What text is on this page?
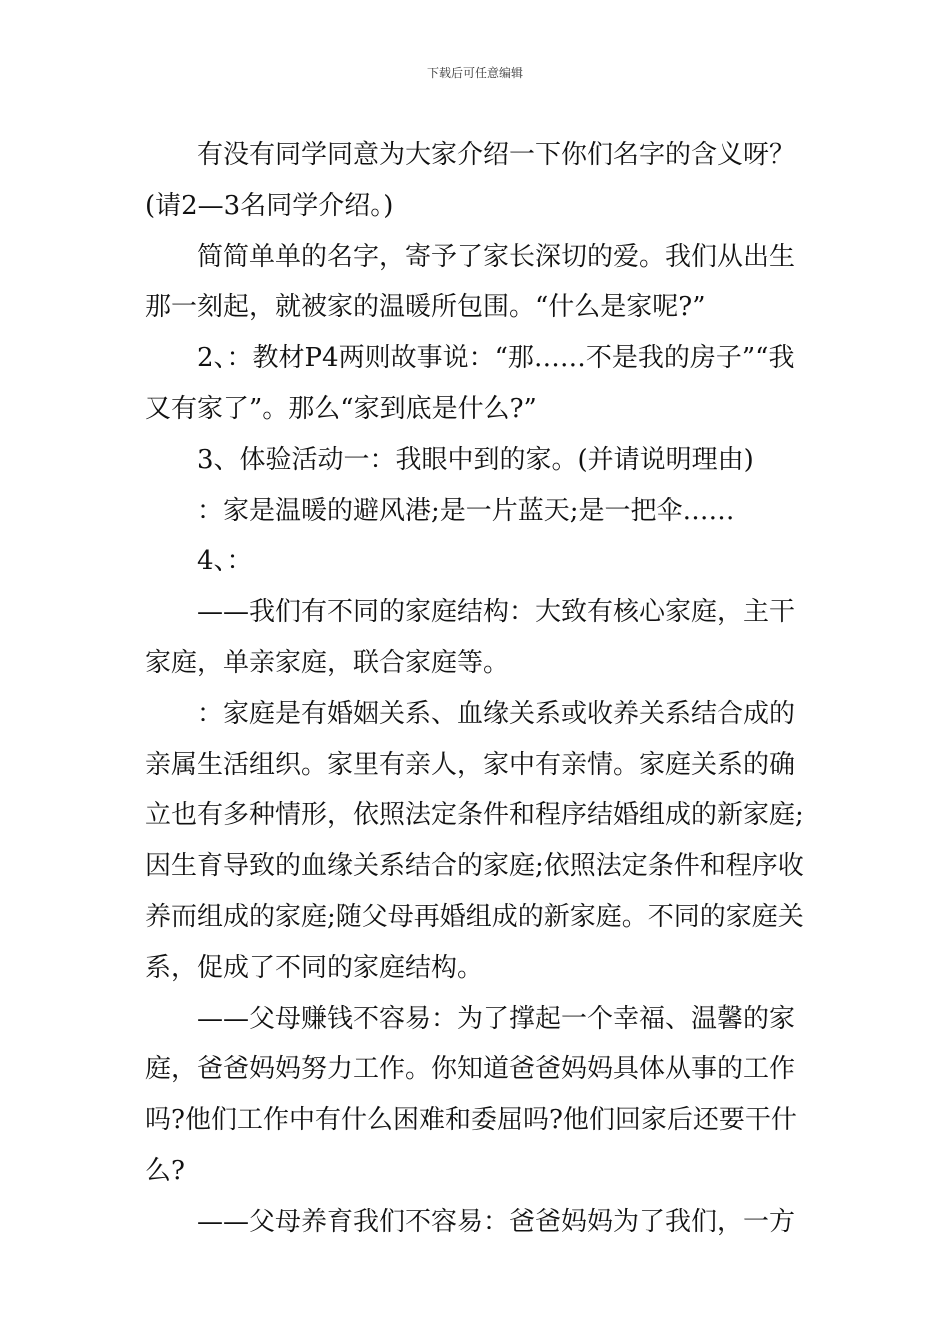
下载后可任意编辑

有没有同学同意为大家介绍一下你们名字的含义呀？(请2—3名同学介绍。)

简简单单的名字，寄予了家长深切的爱。我们从出生那一刻起，就被家的温暖所包围。“什么是家呢?”

2、：教材P4两则故事说：“那……不是我的房子”“我又有家了”。那么“家到底是什么?”

3、体验活动一：我眼中到的家。(并请说明理由)

：家是温暖的避风港;是一片蓝天;是一把伞……

4、：

——我们有不同的家庭结构：大致有核心家庭，主干家庭，单亲家庭，联合家庭等。

：家庭是有婚姻关系、血缘关系或收养关系结合成的亲属生活组织。家里有亲人，家中有亲情。家庭关系的确立也有多种情形，依照法定条件和程序结婚组成的新家庭;因生育导致的血缘关系结合的家庭;依照法定条件和程序收养而组成的家庭;随父母再婚组成的新家庭。不同的家庭关系，促成了不同的家庭结构。

——父母赚钱不容易：为了撑起一个幸福、温馨的家庭，爸爸妈妈努力工作。你知道爸爸妈妈具体从事的工作吗?他们工作中有什么困难和委屈吗?他们回家后还要干什么?

——父母养育我们不容易：爸爸妈妈为了我们，一方
